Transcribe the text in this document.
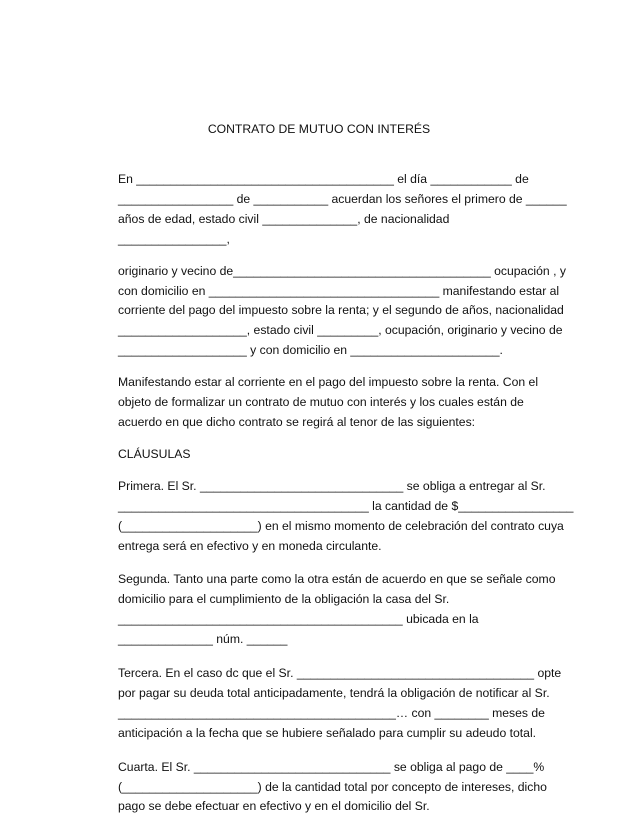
CONTRATO DE MUTUO CON INTERÉS

En ______________________________________ el día ____________ de
_________________ de ___________ acuerdan los señores el primero de ______
años de edad, estado civil ______________, de nacionalidad
________________,

originario y vecino de______________________________________ ocupación , y
con domicilio en __________________________________ manifestando estar al
corriente del pago del impuesto sobre la renta; y el segundo de años, nacionalidad
___________________, estado civil _________, ocupación, originario y vecino de
___________________ y con domicilio en ______________________.

Manifestando estar al corriente en el pago del impuesto sobre la renta. Con el
objeto de formalizar un contrato de mutuo con interés y los cuales están de
acuerdo en que dicho contrato se regirá al tenor de las siguientes:

CLÁUSULAS

Primera. El Sr. ______________________________ se obliga a entregar al Sr.
_____________________________________ la cantidad de $_________________
(____________________) en el mismo momento de celebración del contrato cuya
entrega será en efectivo y en moneda circulante.

Segunda. Tanto una parte como la otra están de acuerdo en que se señale como
domicilio para el cumplimiento de la obligación la casa del Sr.
__________________________________________ ubicada en la
______________ núm. ______

Tercera. En el caso dc que el Sr. ___________________________________ opte
por pagar su deuda total anticipadamente, tendrá la obligación de notificar al Sr.
_________________________________________… con ________ meses de
anticipación a la fecha que se hubiere señalado para cumplir su adeudo total.

Cuarta. El Sr. _____________________________ se obliga al pago de ____%
(____________________) de la cantidad total por concepto de intereses, dicho
pago se debe efectuar en efectivo y en el domicilio del Sr.
